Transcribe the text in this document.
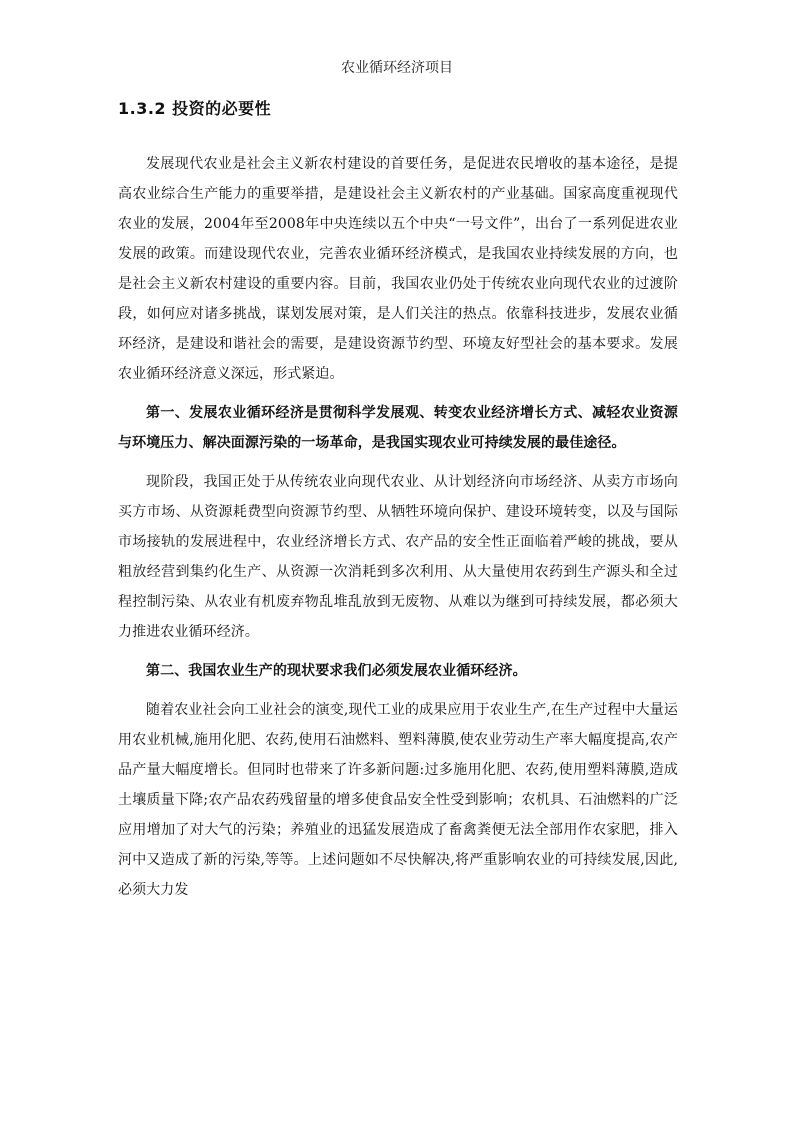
农业循环经济项目
1.3.2 投资的必要性

发展现代农业是社会主义新农村建设的首要任务，是促进农民增收的基本途径，是提高农业综合生产能力的重要举措，是建设社会主义新农村的产业基础。国家高度重视现代农业的发展，2004年至2008年中央连续以五个中央“一号文件”，出台了一系列促进农业发展的政策。而建设现代农业，完善农业循环经济模式，是我国农业持续发展的方向，也是社会主义新农村建设的重要内容。目前，我国农业仍处于传统农业向现代农业的过渡阶段，如何应对诸多挑战，谋划发展对策，是人们关注的热点。依靠科技进步，发展农业循环经济，是建设和谐社会的需要，是建设资源节约型、环境友好型社会的基本要求。发展农业循环经济意义深远，形式紧迫。

第一、发展农业循环经济是贯彻科学发展观、转变农业经济增长方式、减轻农业资源与环境压力、解决面源污染的一场革命，是我国实现农业可持续发展的最佳途径。

现阶段，我国正处于从传统农业向现代农业、从计划经济向市场经济、从卖方市场向买方市场、从资源耗费型向资源节约型、从牺牲环境向保护、建设环境转变，以及与国际市场接轨的发展进程中，农业经济增长方式、农产品的安全性正面临着严峻的挑战，要从粗放经营到集约化生产、从资源一次消耗到多次利用、从大量使用农药到生产源头和全过程控制污染、从农业有机废弃物乱堆乱放到无废物、从难以为继到可持续发展，都必须大力推进农业循环经济。

第二、我国农业生产的现状要求我们必须发展农业循环经济。

随着农业社会向工业社会的演变,现代工业的成果应用于农业生产,在生产过程中大量运用农业机械,施用化肥、农药,使用石油燃料、塑料薄膜,使农业劳动生产率大幅度提高,农产品产量大幅度增长。但同时也带来了许多新问题:过多施用化肥、农药,使用塑料薄膜,造成土壤质量下降;农产品农药残留量的增多使食品安全性受到影响；农机具、石油燃料的广泛应用增加了对大气的污染；养殖业的迅猛发展造成了畜禽粪便无法全部用作农家肥，排入河中又造成了新的污染,等等。上述问题如不尽快解决,将严重影响农业的可持续发展,因此,必须大力发
